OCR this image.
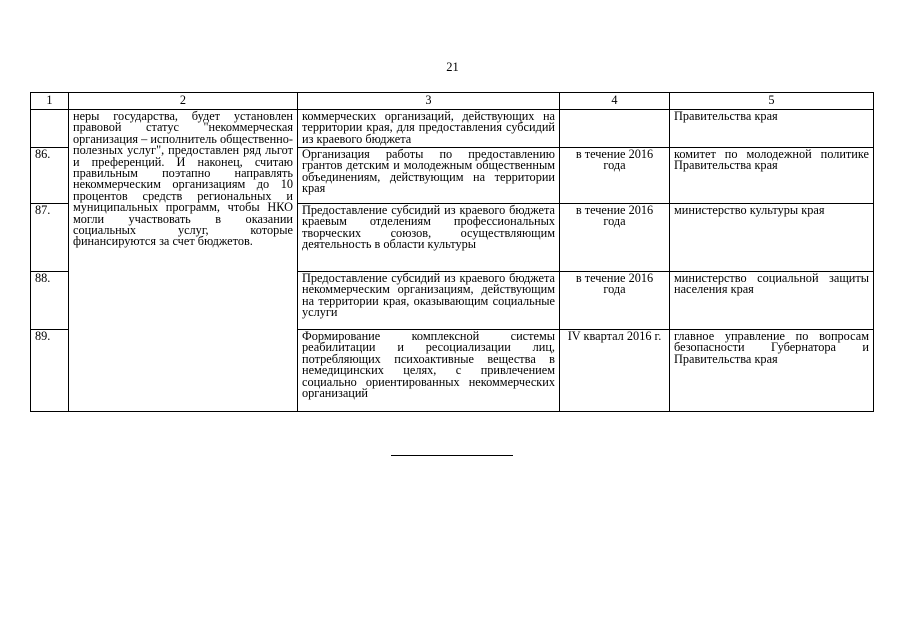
21
1	2	3	4	5
	неры государства, будет установлен правовой статус "некоммерческая организация – исполнитель общественно-полезных услуг", предоставлен ряд льгот и преференций. И наконец, считаю правильным поэтапно направлять некоммерческим организациям до 10 процентов средств региональных и муниципальных программ, чтобы НКО могли участвовать в оказании социальных услуг, которые финансируются за счет бюджетов.	коммерческих организаций, действующих на территории края, для предоставления субсидий из краевого бюджета		Правительства края
86.		Организация работы по предоставлению грантов детским и молодежным общественным объединениям, действующим на территории края	в течение 2016 года	комитет по молодежной политике Правительства края
87.		Предоставление субсидий из краевого бюджета краевым отделениям профессиональных творческих союзов, осуществляющим деятельность в области культуры	в течение 2016 года	министерство культуры края
88.		Предоставление субсидий из краевого бюджета некоммерческим организациям, действующим на территории края, оказывающим социальные услуги	в течение 2016 года	министерство социальной защиты населения края
89.		Формирование комплексной системы реабилитации и ресоциализации лиц, потребляющих психоактивные вещества в немедицинских целях, с привлечением социально ориентированных некоммерческих организаций	IV квартал 2016 г.	главное управление по вопросам безопасности Губернатора и Правительства края
